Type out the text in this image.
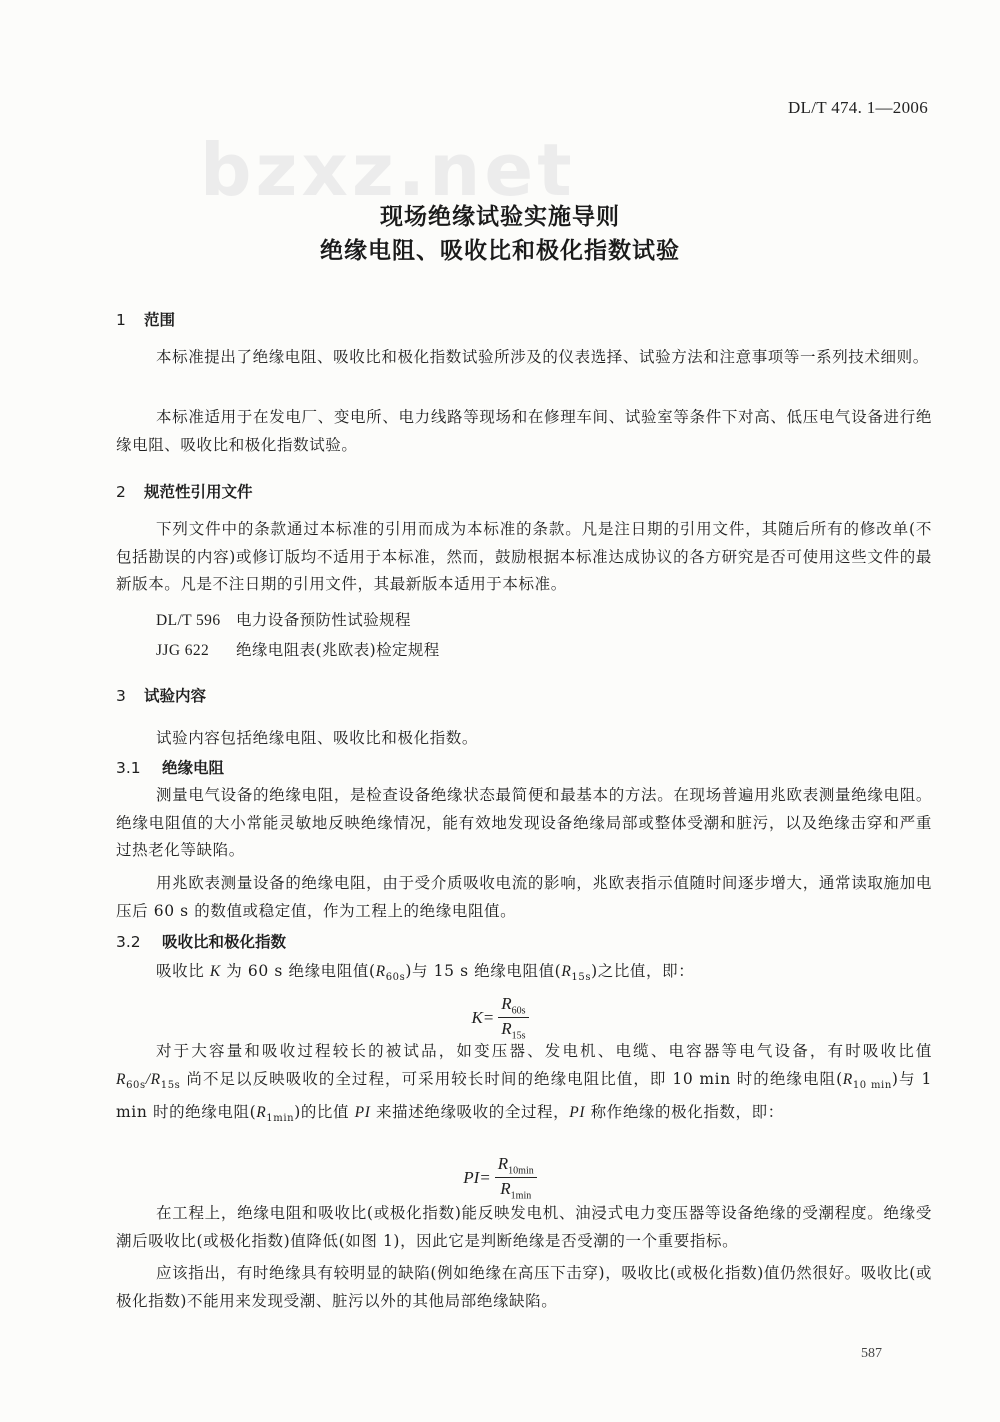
DL/T 474. 1—2006
bzxz.net
现场绝缘试验实施导则
绝缘电阻、吸收比和极化指数试验
1 范围
本标准提出了绝缘电阻、吸收比和极化指数试验所涉及的仪表选择、试验方法和注意事项等一系列技术细则。
本标准适用于在发电厂、变电所、电力线路等现场和在修理车间、试验室等条件下对高、低压电气设备进行绝缘电阻、吸收比和极化指数试验。
2 规范性引用文件
下列文件中的条款通过本标准的引用而成为本标准的条款。凡是注日期的引用文件，其随后所有的修改单(不包括勘误的内容)或修订版均不适用于本标准，然而，鼓励根据本标准达成协议的各方研究是否可使用这些文件的最新版本。凡是不注日期的引用文件，其最新版本适用于本标准。
DL/T 596 电力设备预防性试验规程
JJG 622 绝缘电阻表(兆欧表)检定规程
3 试验内容
试验内容包括绝缘电阻、吸收比和极化指数。
3.1 绝缘电阻
测量电气设备的绝缘电阻，是检查设备绝缘状态最简便和最基本的方法。在现场普遍用兆欧表测量绝缘电阻。绝缘电阻值的大小常能灵敏地反映绝缘情况，能有效地发现设备绝缘局部或整体受潮和脏污，以及绝缘击穿和严重过热老化等缺陷。
用兆欧表测量设备的绝缘电阻，由于受介质吸收电流的影响，兆欧表指示值随时间逐步增大，通常读取施加电压后 60 s 的数值或稳定值，作为工程上的绝缘电阻值。
3.2 吸收比和极化指数
吸收比 K 为 60 s 绝缘电阻值$(R_{60s})$与 15 s 绝缘电阻值$(R_{15s})$之比值，即：
$K= \frac{R_{60s}}{R_{15s}}$
对于大容量和吸收过程较长的被试品，如变压器、发电机、电缆、电容器等电气设备，有时吸收比值 $R_{60s}/R_{15s}$ 尚不足以反映吸收的全过程，可采用较长时间的绝缘电阻比值，即 10 min 时的绝缘电阻$(R_{10 min})$与 1 min 时的绝缘电阻$(R_{1min})$的比值 PI 来描述绝缘吸收的全过程，PI 称作绝缘的极化指数，即：
$PI= \frac{R_{10min}}{R_{1min}}$
在工程上，绝缘电阻和吸收比(或极化指数)能反映发电机、油浸式电力变压器等设备绝缘的受潮程度。绝缘受潮后吸收比(或极化指数)值降低(如图 1)，因此它是判断绝缘是否受潮的一个重要指标。
应该指出，有时绝缘具有较明显的缺陷(例如绝缘在高压下击穿)，吸收比(或极化指数)值仍然很好。吸收比(或极化指数)不能用来发现受潮、脏污以外的其他局部绝缘缺陷。
587
